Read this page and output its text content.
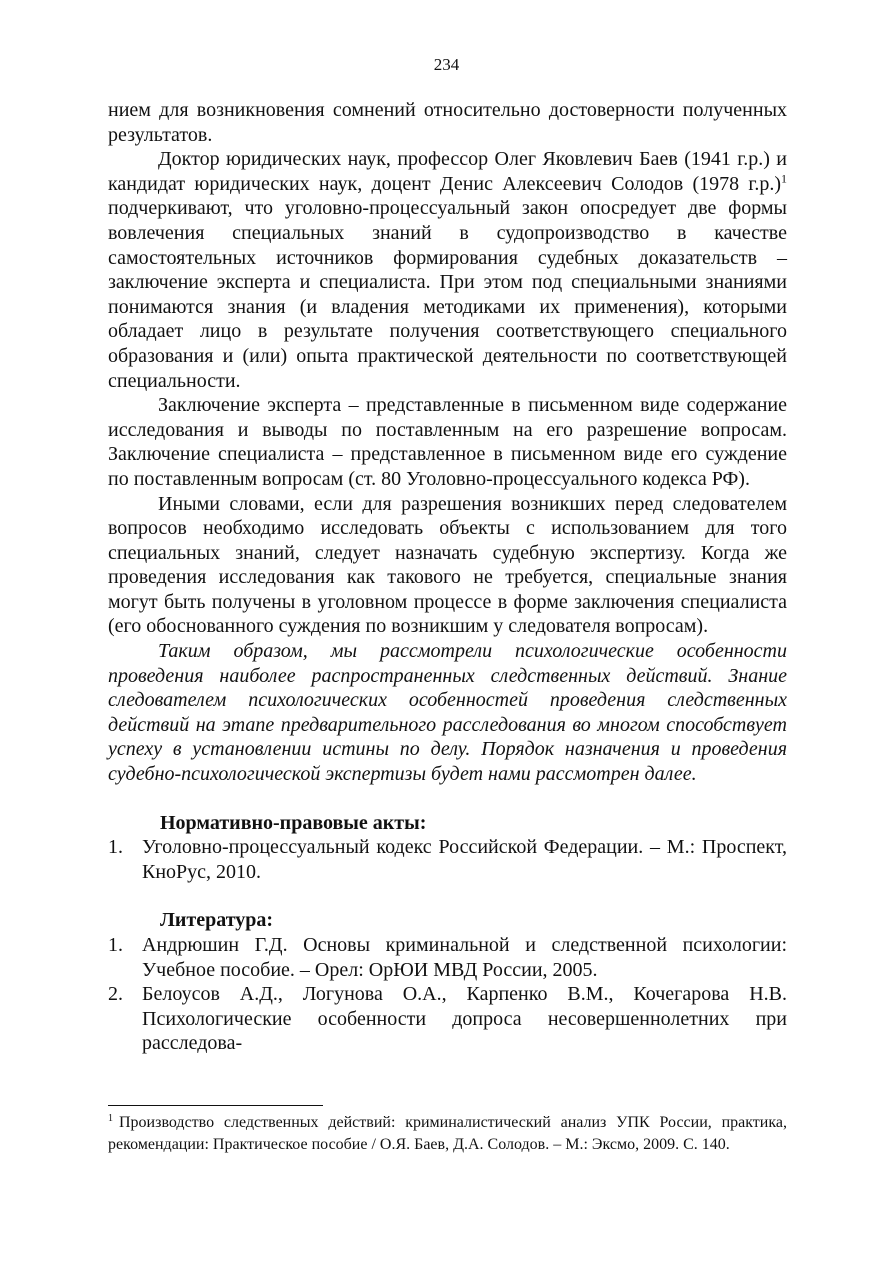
234

нием для возникновения сомнений относительно достоверности полученных результатов.

Доктор юридических наук, профессор Олег Яковлевич Баев (1941 г.р.) и кандидат юридических наук, доцент Денис Алексеевич Солодов (1978 г.р.)$^1$ подчеркивают, что уголовно-процессуальный закон опосредует две формы вовлечения специальных знаний в судопроизводство в качестве самостоятельных источников формирования судебных доказательств – заключение эксперта и специалиста. При этом под специальными знаниями понимаются знания (и владения методиками их применения), которыми обладает лицо в результате получения соответствующего специального образования и (или) опыта практической деятельности по соответствующей специальности.

Заключение эксперта – представленные в письменном виде содержание исследования и выводы по поставленным на его разрешение вопросам. Заключение специалиста – представленное в письменном виде его суждение по поставленным вопросам (ст. 80 Уголовно-процессуального кодекса РФ).

Иными словами, если для разрешения возникших перед следователем вопросов необходимо исследовать объекты с использованием для того специальных знаний, следует назначать судебную экспертизу. Когда же проведения исследования как такового не требуется, специальные знания могут быть получены в уголовном процессе в форме заключения специалиста (его обоснованного суждения по возникшим у следователя вопросам).

Таким образом, мы рассмотрели психологические особенности проведения наиболее распространенных следственных действий. Знание следователем психологических особенностей проведения следственных действий на этапе предварительного расследования во многом способствует успеху в установлении истины по делу. Порядок назначения и проведения судебно-психологической экспертизы будет нами рассмотрен далее.

Нормативно-правовые акты:
1. Уголовно-процессуальный кодекс Российской Федерации. – М.: Проспект, КноРус, 2010.
Литература:
1. Андрюшин Г.Д. Основы криминальной и следственной психологии: Учебное пособие. – Орел: ОрЮИ МВД России, 2005.
2. Белоусов А.Д., Логунова О.А., Карпенко В.М., Кочегарова Н.В. Психологические особенности допроса несовершеннолетних при расследова-

$^1$ Производство следственных действий: криминалистический анализ УПК России, практика, рекомендации: Практическое пособие / О.Я. Баев, Д.А. Солодов. – М.: Эксмо, 2009. С. 140.
